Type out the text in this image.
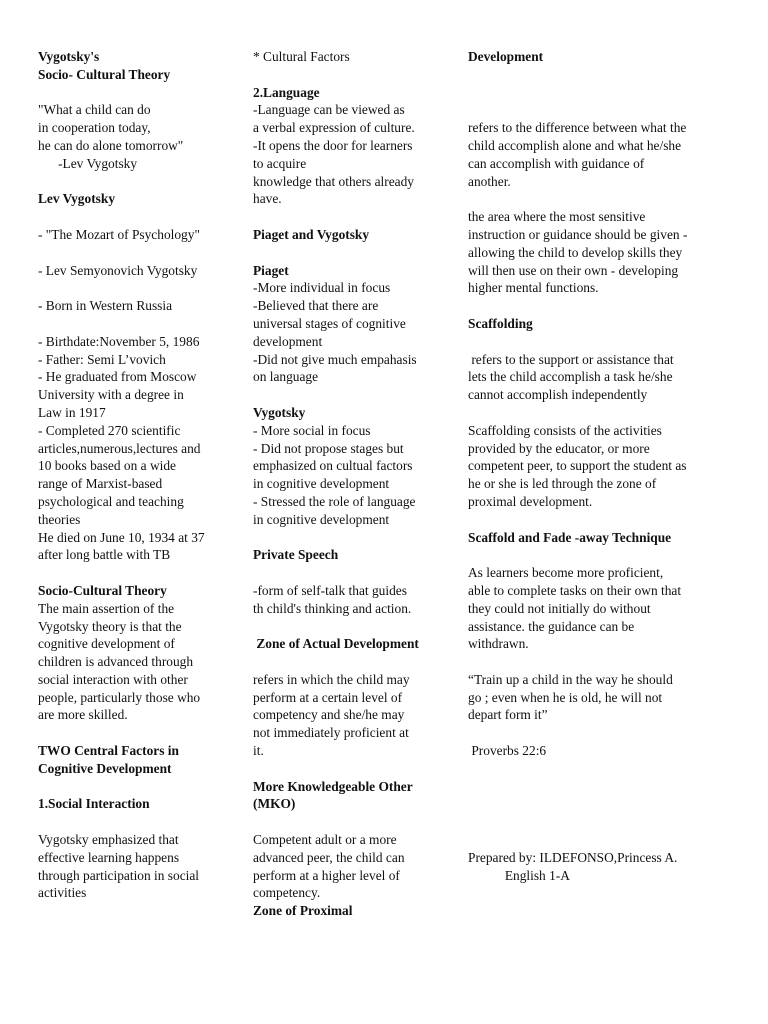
Vygotsky's
Socio- Cultural Theory
"What a child can do
in cooperation today,
he can do alone tomorrow"
-Lev Vygotsky
Lev Vygotsky
- "The Mozart of Psychology"
- Lev Semyonovich Vygotsky
- Born in Western Russia
- Birthdate:November 5, 1986
- Father: Semi L’vovich
- He graduated from Moscow
University with a degree in
Law in 1917
- Completed 270 scientific
articles,numerous,lectures and
10 books based on a wide
range of Marxist-based
psychological and teaching
theories
He died on June 10, 1934 at 37
after long battle with TB
Socio-Cultural Theory
The main assertion of the
Vygotsky theory is that the
cognitive development of
children is advanced through
social interaction with other
people, particularly those who
are more skilled.
TWO Central Factors in
Cognitive Development
1.Social Interaction
Vygotsky emphasized that
effective learning happens
through participation in social
activities
* Cultural Factors
2.Language
-Language can be viewed as
a verbal expression of culture.
-It opens the door for learners
to acquire
knowledge that others already
have.
Piaget and Vygotsky
Piaget
-More individual in focus
-Believed that there are
universal stages of cognitive
development
-Did not give much empahasis
on language
Vygotsky
- More social in focus
- Did not propose stages but
emphasized on cultual factors
in cognitive development
- Stressed the role of language
in cognitive development
Private Speech
-form of self-talk that guides
th child's thinking and action.
Zone of Actual Development
refers in which the child may
perform at a certain level of
competency and she/he may
not immediately proficient at
it.
More Knowledgeable Other
(MKO)
Competent adult or a more
advanced peer, the child can
perform at a higher level of
competency.
Zone of Proximal
Development
refers to the difference between what the
child accomplish alone and what he/she
can accomplish with guidance of
another.
the area where the most sensitive
instruction or guidance should be given -
allowing the child to develop skills they
will then use on their own - developing
higher mental functions.
Scaffolding
refers to the support or assistance that
lets the child accomplish a task he/she
cannot accomplish independently
Scaffolding consists of the activities
provided by the educator, or more
competent peer, to support the student as
he or she is led through the zone of
proximal development.
Scaffold and Fade -away Technique
As learners become more proficient,
able to complete tasks on their own that
they could not initially do without
assistance. the guidance can be
withdrawn.
“Train up a child in the way he should
go ; even when he is old, he will not
depart form it”
Proverbs 22:6
Prepared by: ILDEFONSO,Princess A.
English 1-A
